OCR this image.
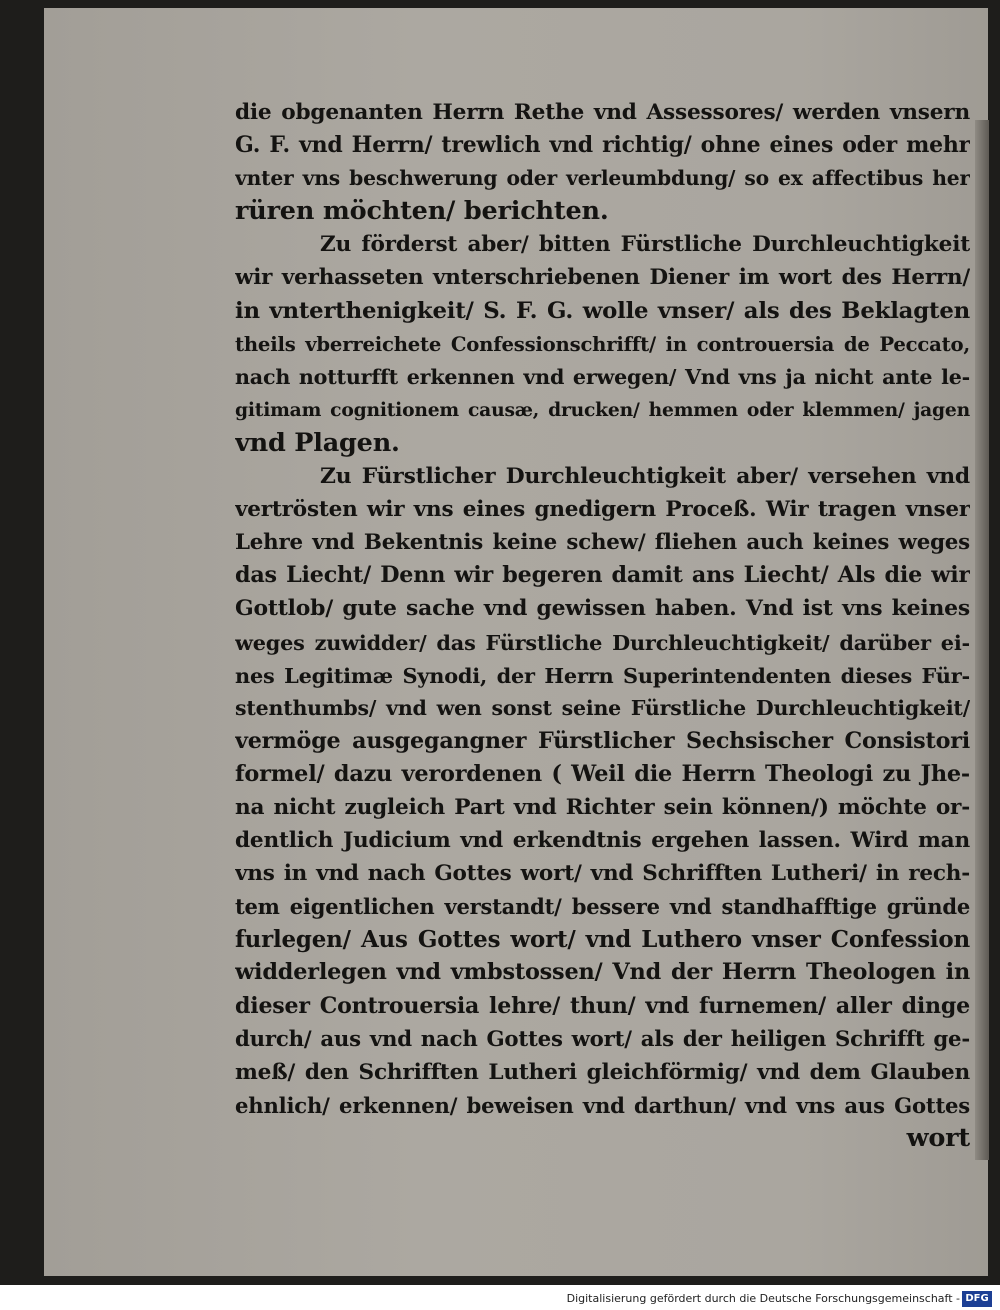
die obgenanten Herrn Rethe vnd Assessores/ werden vnsern
G. F. vnd Herrn/ trewlich vnd richtig/ ohne eines oder mehr
vnter vns beschwerung oder verleumbdung/ so ex affectibus her
rüren möchten/ berichten.
Zu förderst aber/ bitten Fürstliche Durchleuchtigkeit
wir verhasseten vnterschriebenen Diener im wort des Herrn/
in vnterthenigkeit/ S. F. G. wolle vnser/ als des Beklagten
theils vberreichete Confessionschrifft/ in controuersia de Peccato,
nach notturfft erkennen vnd erwegen/ Vnd vns ja nicht ante le-
gitimam cognitionem causæ, drucken/ hemmen oder klemmen/ jagen
vnd Plagen.
Zu Fürstlicher Durchleuchtigkeit aber/ versehen vnd
vertrösten wir vns eines gnedigern Proceß. Wir tragen vnser
Lehre vnd Bekentnis keine schew/ fliehen auch keines weges
das Liecht/ Denn wir begeren damit ans Liecht/ Als die wir
Gottlob/ gute sache vnd gewissen haben. Vnd ist vns keines
weges zuwidder/ das Fürstliche Durchleuchtigkeit/ darüber ei-
nes Legitimæ Synodi, der Herrn Superintendenten dieses Für-
stenthumbs/ vnd wen sonst seine Fürstliche Durchleuchtigkeit/
vermöge ausgegangner Fürstlicher Sechsischer Consistori
formel/ dazu verordenen ( Weil die Herrn Theologi zu Jhe-
na nicht zugleich Part vnd Richter sein können/) möchte or-
dentlich Judicium vnd erkendtnis ergehen lassen. Wird man
vns in vnd nach Gottes wort/ vnd Schrifften Lutheri/ in rech-
tem eigentlichen verstandt/ bessere vnd standhafftige gründe
furlegen/ Aus Gottes wort/ vnd Luthero vnser Confession
widderlegen vnd vmbstossen/ Vnd der Herrn Theologen in
dieser Controuersia lehre/ thun/ vnd furnemen/ aller dinge
durch/ aus vnd nach Gottes wort/ als der heiligen Schrifft ge-
meß/ den Schrifften Lutheri gleichförmig/ vnd dem Glauben
ehnlich/ erkennen/ beweisen vnd darthun/ vnd vns aus Gottes
wort
Digitalisierung gefördert durch die Deutsche Forschungsgemeinschaft - DFG
